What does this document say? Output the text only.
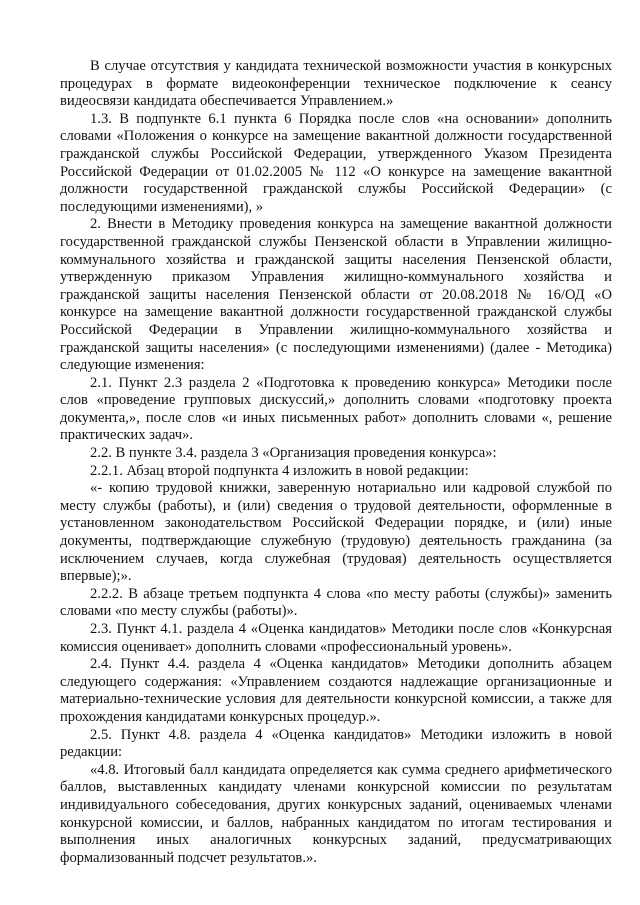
В случае отсутствия у кандидата технической возможности участия в конкурсных процедурах в формате видеоконференции техническое подключение к сеансу видеосвязи кандидата обеспечивается Управлением.»

1.3. В подпункте 6.1 пункта 6 Порядка после слов «на основании» дополнить словами «Положения о конкурсе на замещение вакантной должности государственной гражданской службы Российской Федерации, утвержденного Указом Президента Российской Федерации от 01.02.2005 № 112 «О конкурсе на замещение вакантной должности государственной гражданской службы Российской Федерации» (с последующими изменениями), »

2. Внести в Методику проведения конкурса на замещение вакантной должности государственной гражданской службы Пензенской области в Управлении жилищно-коммунального хозяйства и гражданской защиты населения Пензенской области, утвержденную приказом Управления жилищно-коммунального хозяйства и гражданской защиты населения Пензенской области от 20.08.2018 № 16/ОД «О конкурсе на замещение вакантной должности государственной гражданской службы Российской Федерации в Управлении жилищно-коммунального хозяйства и гражданской защиты населения» (с последующими изменениями) (далее - Методика) следующие изменения:

2.1. Пункт 2.3 раздела 2 «Подготовка к проведению конкурса» Методики после слов «проведение групповых дискуссий,» дополнить словами «подготовку проекта документа,», после слов «и иных письменных работ» дополнить словами «, решение практических задач».

2.2. В пункте 3.4. раздела 3 «Организация проведения конкурса»:

2.2.1. Абзац второй подпункта 4 изложить в новой редакции:

«- копию трудовой книжки, заверенную нотариально или кадровой службой по месту службы (работы), и (или) сведения о трудовой деятельности, оформленные в установленном законодательством Российской Федерации порядке, и (или) иные документы, подтверждающие служебную (трудовую) деятельность гражданина (за исключением случаев, когда служебная (трудовая) деятельность осуществляется впервые);».

2.2.2. В абзаце третьем подпункта 4 слова «по месту работы (службы)» заменить словами «по месту службы (работы)».

2.3. Пункт 4.1. раздела 4 «Оценка кандидатов» Методики после слов «Конкурсная комиссия оценивает» дополнить словами «профессиональный уровень».

2.4. Пункт 4.4. раздела 4 «Оценка кандидатов» Методики дополнить абзацем следующего содержания: «Управлением создаются надлежащие организационные и материально-технические условия для деятельности конкурсной комиссии, а также для прохождения кандидатами конкурсных процедур.».

2.5. Пункт 4.8. раздела 4 «Оценка кандидатов» Методики изложить в новой редакции:

«4.8. Итоговый балл кандидата определяется как сумма среднего арифметического баллов, выставленных кандидату членами конкурсной комиссии по результатам индивидуального собеседования, других конкурсных заданий, оцениваемых членами конкурсной комиссии, и баллов, набранных кандидатом по итогам тестирования и выполнения иных аналогичных конкурсных заданий, предусматривающих формализованный подсчет результатов.».
